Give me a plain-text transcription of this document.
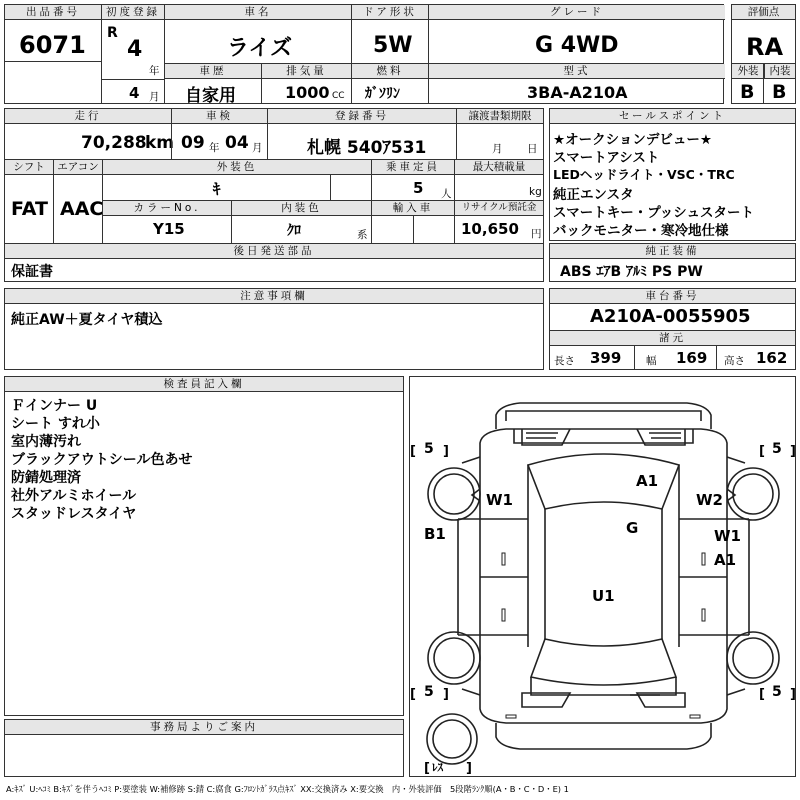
出品番号
6071
初度登録
R
4
年
4 月
車名
ライズ
ドア形状
5W
グレード
G 4WD
車歴
自家用
排気量
1000 CC
燃料
ｶﾞｿﾘﾝ
型式
3BA-A210A
評価点
RA
外装	内装
B B
走行
70,288
km
車検
09 年 04 月
登録番号
札幌 540ｱ531
譲渡書類期限
月 日
シフト
FAT
エアコン
AAC
外装色
ｷ
乗車定員
5 人
最大積載量
kg
カラーNo.
Y15
内装色
ｸﾛ	系
輸入車	リサイクル預託金
10,650 円
後日発送部品
保証書
セールスポイント
★オークションデビュー★
スマートアシスト
LEDヘッドライト・VSC・TRC
純正エンスタ
スマートキー・プッシュスタート
バックモニター・寒冷地仕様
純正装備
ABS ｴｱB ｱﾙﾐ PS PW
注意事項欄
純正AW＋夏タイヤ積込
車台番号
A210A-0055905
諸元
長さ 399 幅 169 高さ 162
検査員記入欄
Ｆインナー U
シート すれ小
室内薄汚れ
ブラックアウトシール色あせ
防錆処理済
社外アルミホイール
スタッドレスタイヤ
事務局よりご案内
[ ]	[ ]
[ ]	[ ]
[	]
5	5
5	5
ﾚｽ
A1
W1	W2
G
B1	W1
A1
U1
A:ｷｽﾞ U:ﾍｺﾐ B:ｷｽﾞを伴うﾍｺﾐ P:要塗装 W:補修跡 S:錆 C:腐食 G:ﾌﾛﾝﾄｶﾞﾗｽ点ｷｽﾞ XX:交換済み X:要交換　内・外装評価　5段階ﾗﾝｸ順(A・B・C・D・E) 1
